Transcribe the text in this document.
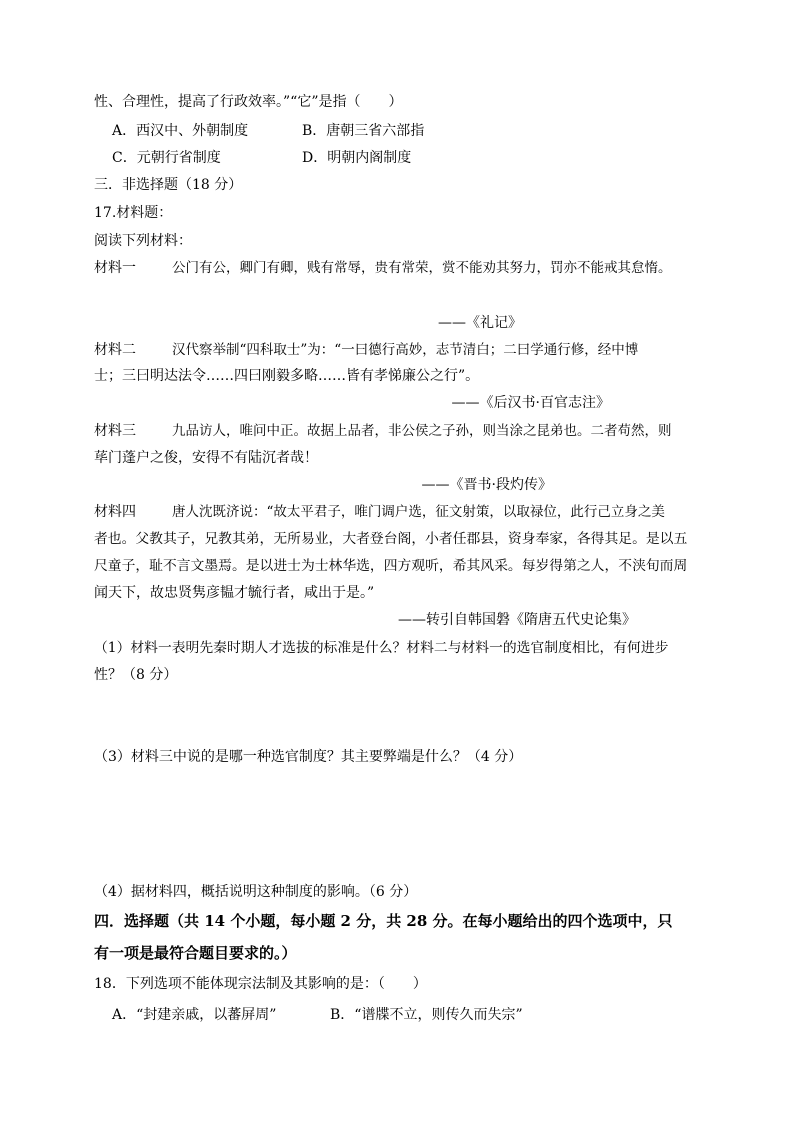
性、合理性，提高了行政效率。”“它”是指（　　）
A．西汉中、外朝制度	B．唐朝三省六部指
C．元朝行省制度	D．明朝内阁制度
三．非选择题（18 分）
17.材料题：
阅读下列材料：
材料一	公门有公，卿门有卿，贱有常辱，贵有常荣，赏不能劝其努力，罚亦不能戒其怠惰。
——《礼记》
材料二	汉代察举制“四科取士”为：“一曰德行高妙，志节清白；二曰学通行修，经中博
士；三曰明达法令……四曰刚毅多略……皆有孝悌廉公之行”。
——《后汉书·百官志注》
材料三	九品访人，唯问中正。故据上品者，非公侯之子孙，则当涂之昆弟也。二者苟然，则
荜门蓬户之俊，安得不有陆沉者哉！
——《晋书·段灼传》
材料四	唐人沈既济说：“故太平君子，唯门调户选，征文射策，以取禄位，此行己立身之美
者也。父教其子，兄教其弟，无所易业，大者登台阁，小者任郡县，资身奉家，各得其足。是以五
尺童子，耻不言文墨焉。是以进士为士林华选，四方观听，希其风采。每岁得第之人，不浃旬而周
闻天下，故忠贤隽彦韫才毓行者，咸出于是。”
——转引自韩国磐《隋唐五代史论集》
（1）材料一表明先秦时期人才选拔的标准是什么？材料二与材料一的选官制度相比，有何进步
性？（8 分）
（3）材料三中说的是哪一种选官制度？其主要弊端是什么？（4 分）
（4）据材料四，概括说明这种制度的影响。（6 分）
四．选择题（共 14 个小题，每小题 2 分，共 28 分。在每小题给出的四个选项中，只
有一项是最符合题目要求的。）
18．下列选项不能体现宗法制及其影响的是：（　　）
A．“封建亲戚，以蕃屏周”	B．“谱牒不立，则传久而失宗”
